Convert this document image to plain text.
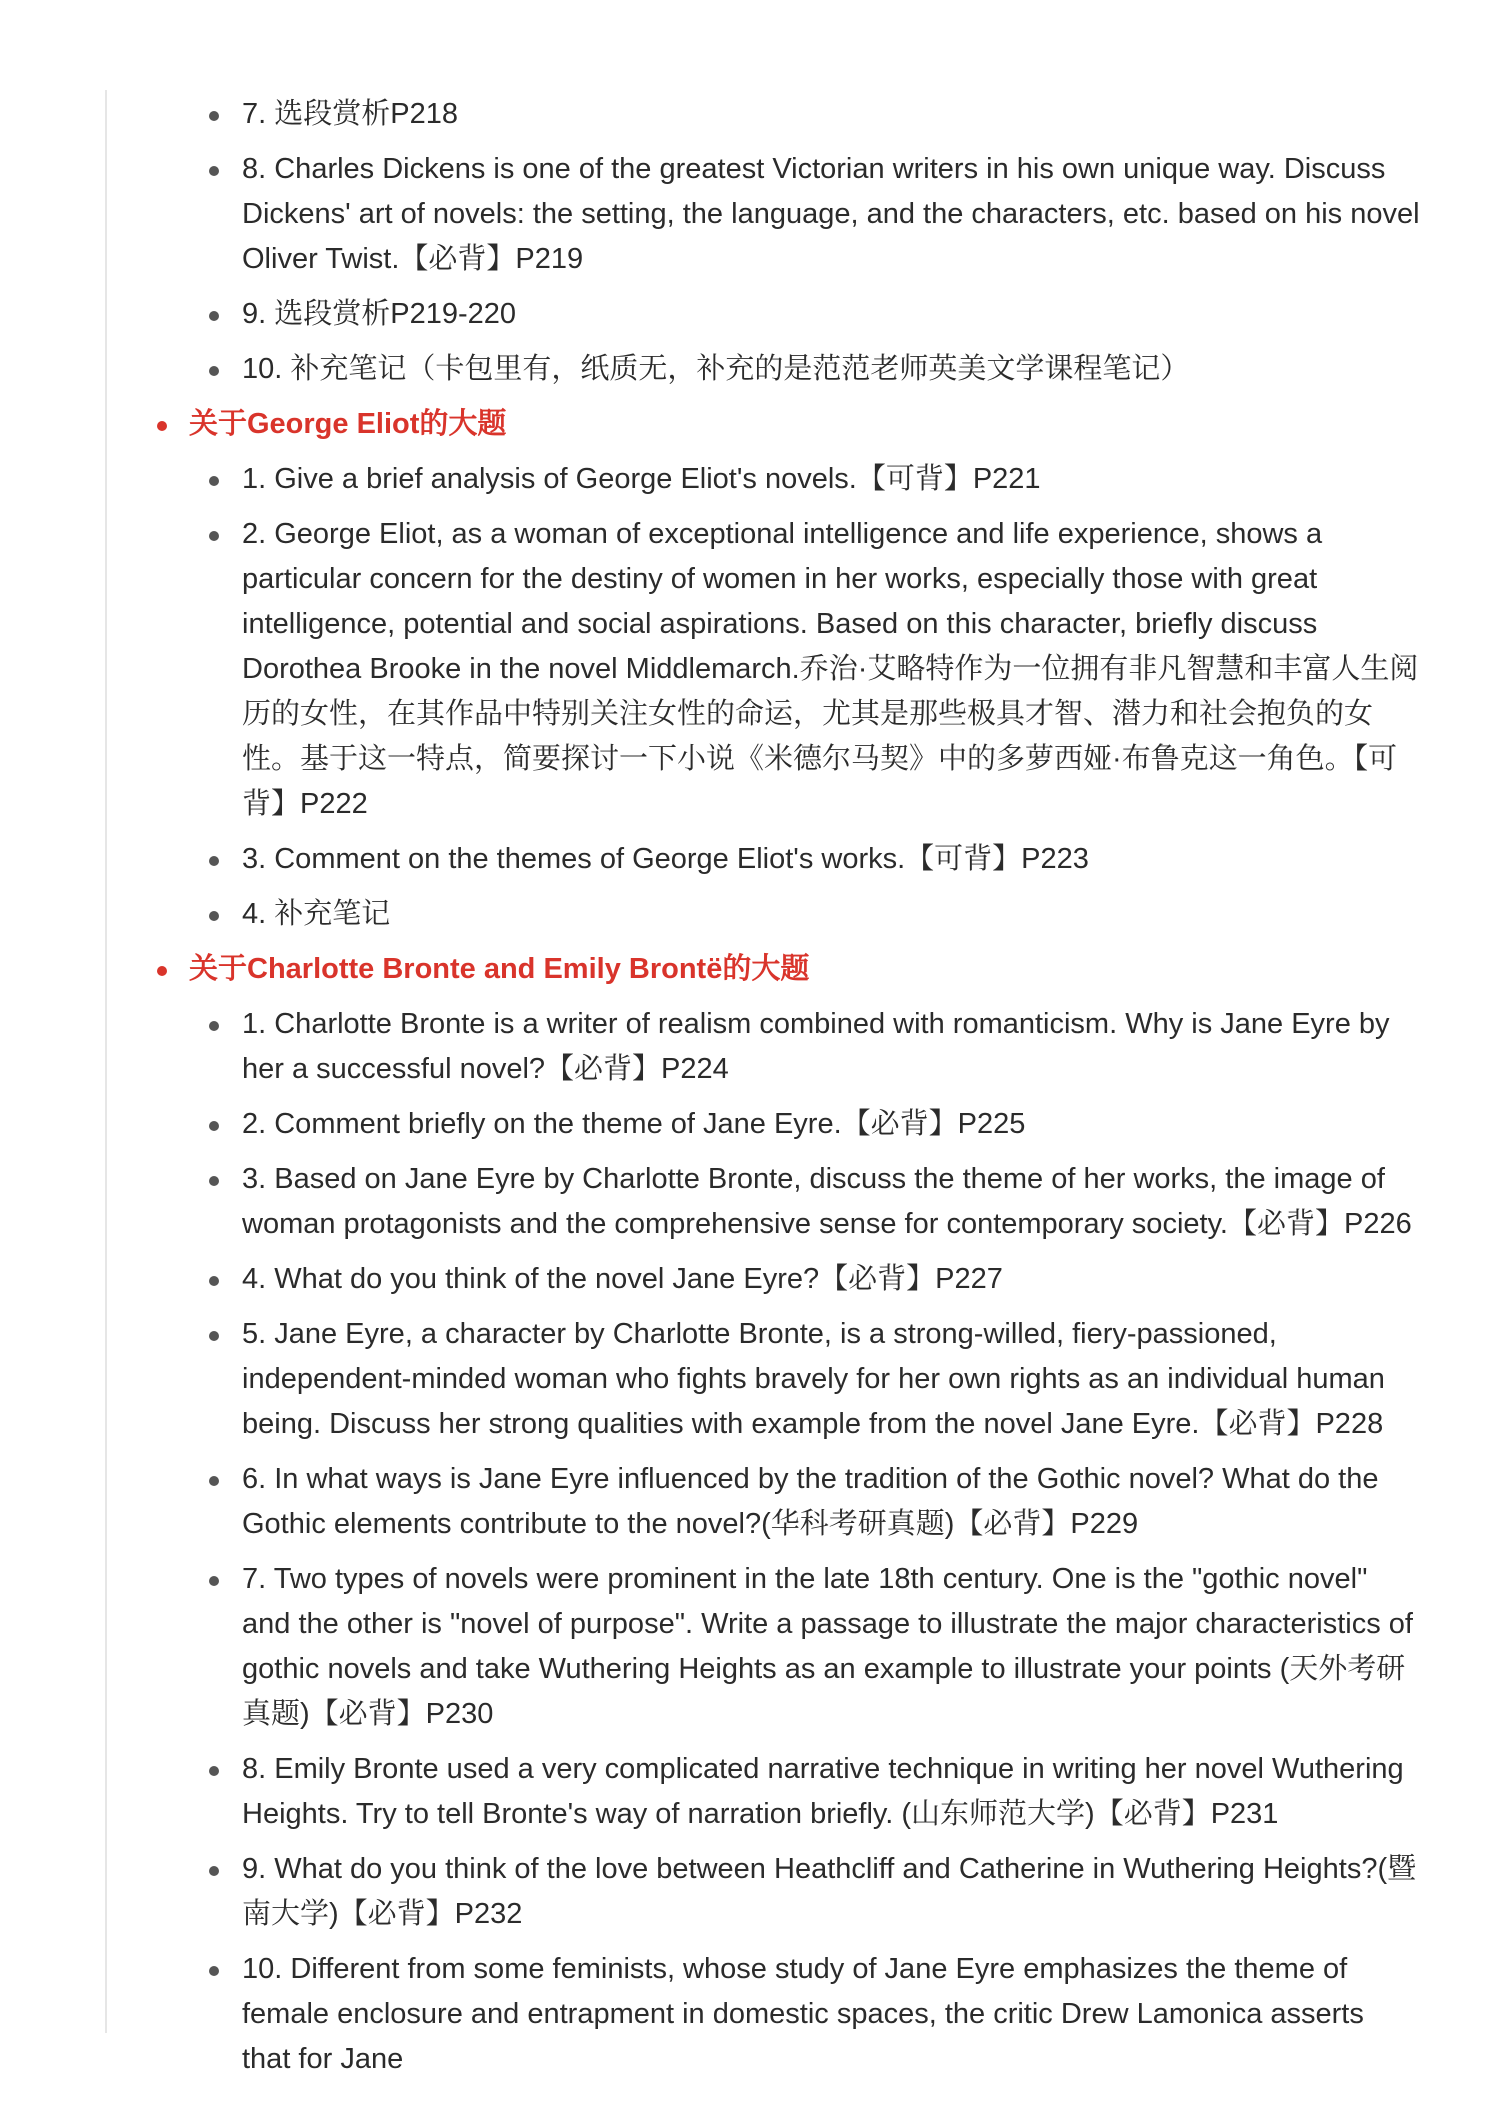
7. 选段赏析P218
8. Charles Dickens is one of the greatest Victorian writers in his own unique way. Discuss Dickens' art of novels: the setting, the language, and the characters, etc. based on his novel Oliver Twist.【必背】P219
9. 选段赏析P219-220
10. 补充笔记（卡包里有，纸质无，补充的是范范老师英美文学课程笔记）
关于George Eliot的大题
1. Give a brief analysis of George Eliot's novels.【可背】P221
2. George Eliot, as a woman of exceptional intelligence and life experience, shows a particular concern for the destiny of women in her works, especially those with great intelligence, potential and social aspirations. Based on this character, briefly discuss Dorothea Brooke in the novel Middlemarch.乔治·艾略特作为一位拥有非凡智慧和丰富人生阅历的女性，在其作品中特别关注女性的命运，尤其是那些极具才智、潜力和社会抱负的女性。基于这一特点，简要探讨一下小说《米德尔马契》中的多萝西娅·布鲁克这一角色。【可背】P222
3. Comment on the themes of George Eliot's works.【可背】P223
4. 补充笔记
关于Charlotte Bronte and Emily Brontë的大题
1. Charlotte Bronte is a writer of realism combined with romanticism. Why is Jane Eyre by her a successful novel?【必背】P224
2. Comment briefly on the theme of Jane Eyre.【必背】P225
3. Based on Jane Eyre by Charlotte Bronte, discuss the theme of her works, the image of woman protagonists and the comprehensive sense for contemporary society.【必背】P226
4. What do you think of the novel Jane Eyre?【必背】P227
5. Jane Eyre, a character by Charlotte Bronte, is a strong-willed, fiery-passioned, independent-minded woman who fights bravely for her own rights as an individual human being. Discuss her strong qualities with example from the novel Jane Eyre.【必背】P228
6. In what ways is Jane Eyre influenced by the tradition of the Gothic novel? What do the Gothic elements contribute to the novel?(华科考研真题)【必背】P229
7. Two types of novels were prominent in the late 18th century. One is the "gothic novel" and the other is "novel of purpose". Write a passage to illustrate the major characteristics of gothic novels and take Wuthering Heights as an example to illustrate your points (天外考研真题)【必背】P230
8. Emily Bronte used a very complicated narrative technique in writing her novel Wuthering Heights. Try to tell Bronte's way of narration briefly. (山东师范大学)【必背】P231
9. What do you think of the love between Heathcliff and Catherine in Wuthering Heights?(暨南大学)【必背】P232
10. Different from some feminists, whose study of Jane Eyre emphasizes the theme of female enclosure and entrapment in domestic spaces, the critic Drew Lamonica asserts that for Jane
